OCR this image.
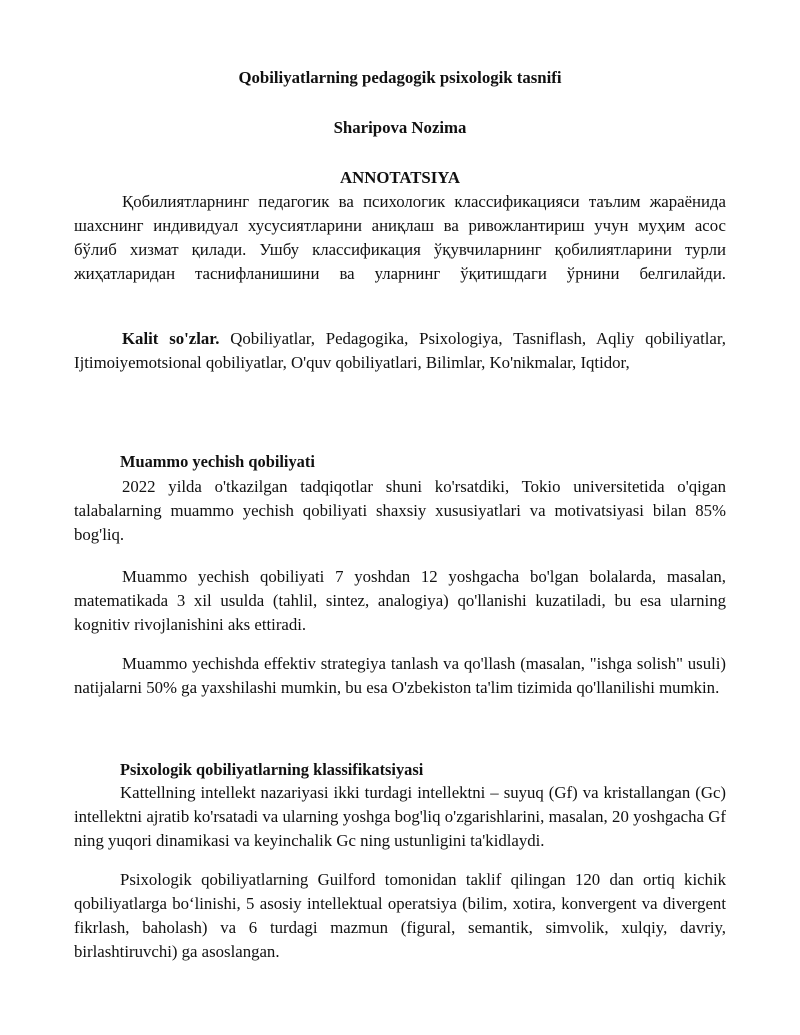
Qobiliyatlarning pedagogik psixologik tasnifi
Sharipova Nozima
ANNOTATSIYA

Қобилиятларнинг педагогик ва психологик классификацияси таълим жараёнида шахснинг индивидуал хусусиятларини аниқлаш ва ривожлантириш учун муҳим асос бўлиб хизмат қилади. Ушбу классификация ўқувчиларнинг қобилиятларини турли жиҳатларидан таснифланишини ва уларнинг ўқитишдаги ўрнини белгилайди.

Kalit so'zlar. Qobiliyatlar, Pedagogika, Psixologiya, Tasniflash, Aqliy qobiliyatlar, Ijtimoiyemotsional qobiliyatlar, O'quv qobiliyatlari, Bilimlar, Ko'nikmalar, Iqtidor,

Muammo yechish qobiliyati

2022 yilda o'tkazilgan tadqiqotlar shuni ko'rsatdiki, Tokio universitetida o'qigan talabalarning muammo yechish qobiliyati shaxsiy xususiyatlari va motivatsiyasi bilan 85% bog'liq.

Muammo yechish qobiliyati 7 yoshdan 12 yoshgacha bo'lgan bolalarda, masalan, matematikada 3 xil usulda (tahlil, sintez, analogiya) qo'llanishi kuzatiladi, bu esa ularning kognitiv rivojlanishini aks ettiradi.

Muammo yechishda effektiv strategiya tanlash va qo'llash (masalan, "ishga solish" usuli) natijalarni 50% ga yaxshilashi mumkin, bu esa O'zbekiston ta'lim tizimida qo'llanilishi mumkin.

Psixologik qobiliyatlarning klassifikatsiyasi

Kattellning intellekt nazariyasi ikki turdagi intellektni – suyuq (Gf) va kristallangan (Gc) intellektni ajratib ko'rsatadi va ularning yoshga bog'liq o'zgarishlarini, masalan, 20 yoshgacha Gf ning yuqori dinamikasi va keyinchalik Gc ning ustunligini ta'kidlaydi.

Psixologik qobiliyatlarning Guilford tomonidan taklif qilingan 120 dan ortiq kichik qobiliyatlarga boʻlinishi, 5 asosiy intellektual operatsiya (bilim, xotira, konvergent va divergent fikrlash, baholash) va 6 turdagi mazmun (figural, semantik, simvolik, xulqiy, davriy, birlashtiruvchi) ga asoslangan.
